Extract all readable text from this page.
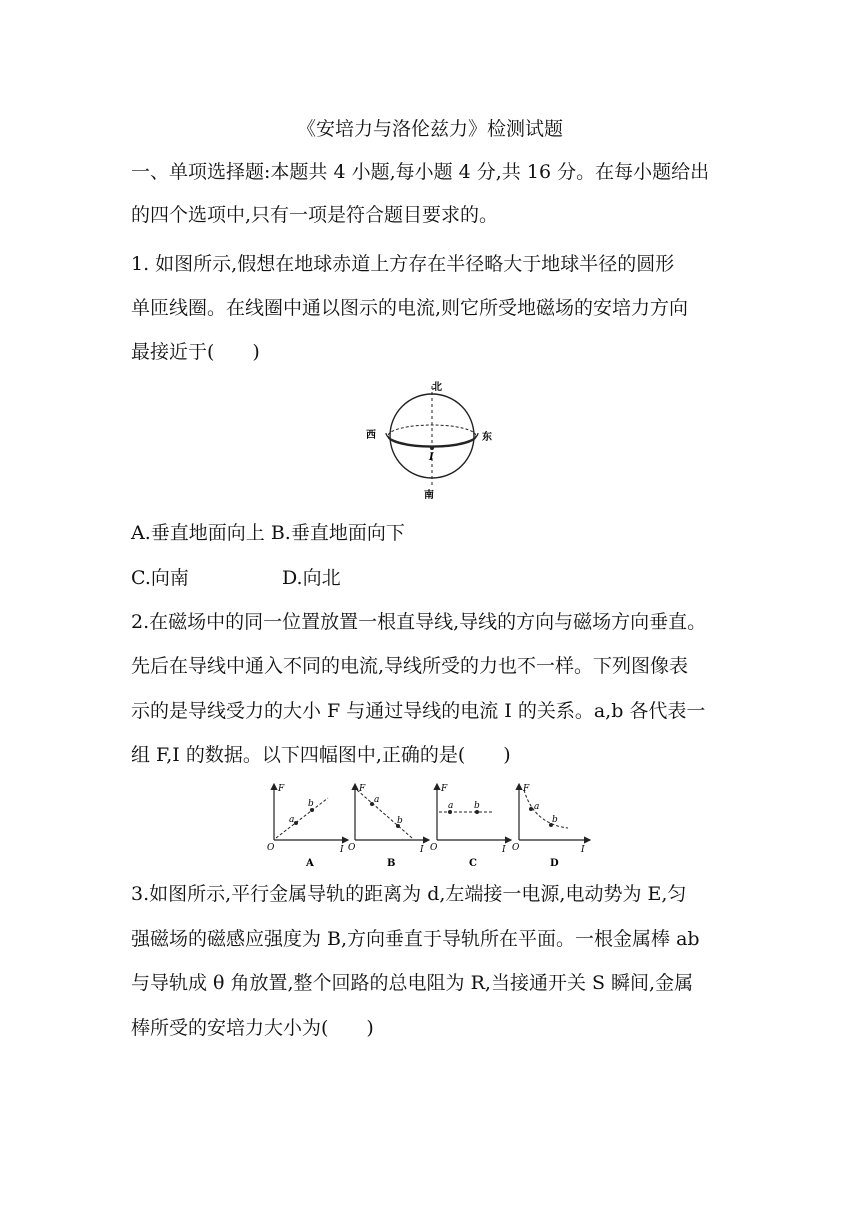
《安培力与洛伦兹力》检测试题
一、单项选择题:本题共 4 小题,每小题 4 分,共 16 分。在每小题给出
的四个选项中,只有一项是符合题目要求的。
1. 如图所示,假想在地球赤道上方存在半径略大于地球半径的圆形
单匝线圈。在线圈中通以图示的电流,则它所受地磁场的安培力方向
最接近于(　　)
北
西	东
I
南
A.垂直地面向上 B.垂直地面向下
C.向南	D.向北
2.在磁场中的同一位置放置一根直导线,导线的方向与磁场方向垂直。
先后在导线中通入不同的电流,导线所受的力也不一样。下列图像表
示的是导线受力的大小 F 与通过导线的电流 I 的关系。a,b 各代表一
组 F,I 的数据。以下四幅图中,正确的是(　　)
F
a
b
O	I
A
F
a
b
O	I
B
F
a b
O	I
C
F
a
b
O	I
D
3.如图所示,平行金属导轨的距离为 d,左端接一电源,电动势为 E,匀
强磁场的磁感应强度为 B,方向垂直于导轨所在平面。一根金属棒 ab
与导轨成 θ 角放置,整个回路的总电阻为 R,当接通开关 S 瞬间,金属
棒所受的安培力大小为(　　)
